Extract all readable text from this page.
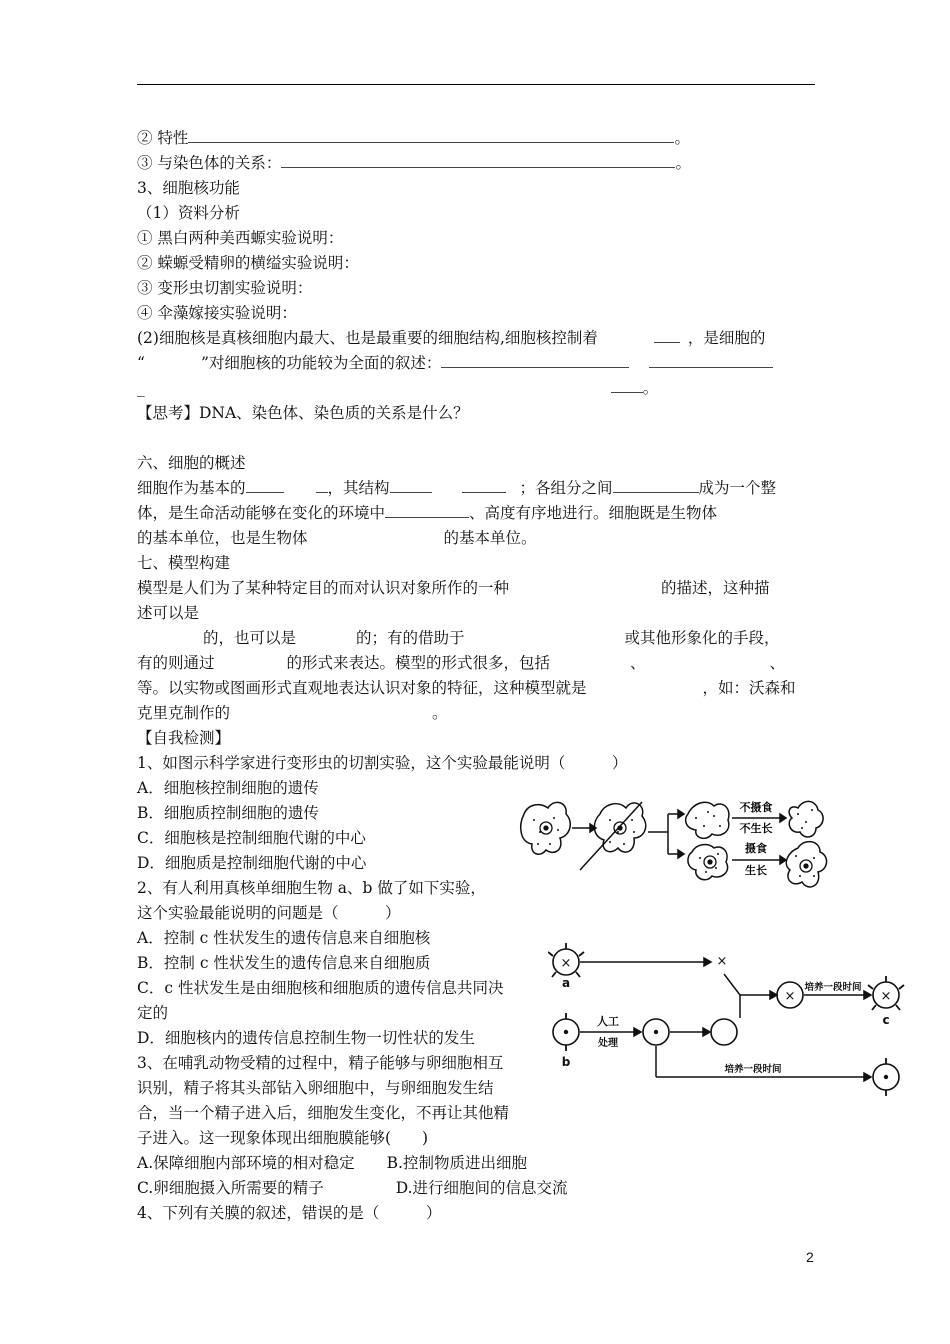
② 特性	。
③ 与染色体的关系：	。
3、细胞核功能
（1）资料分析
① 黑白两种美西螈实验说明：
② 蝾螈受精卵的横缢实验说明：
③ 变形虫切割实验说明：
④ 伞藻嫁接实验说明：
(2)细胞核是真核细胞内最大、也是最重要的细胞结构,细胞核控制着	，是细胞的
“	”对细胞核的功能较为全面的叙述：
_	。
【思考】DNA、染色体、染色质的关系是什么？
六、细胞的概述
细胞作为基本的	，其结构	；各组分之间	成为一个整
体，是生命活动能够在变化的环境中	、高度有序地进行。细胞既是生物体
的基本单位，也是生物体	的基本单位。
七、模型构建
模型是人们为了某种特定目的而对认识对象所作的一种	的描述，这种描
述可以是
的，也可以是	的；有的借助于	或其他形象化的手段，
有的则通过	的形式来表达。模型的形式很多，包括	、	、
等。以实物或图画形式直观地表达认识对象的特征，这种模型就是	，如：沃森和
克里克制作的	。
【自我检测】
1、如图示科学家进行变形虫的切割实验，这个实验最能说明（　　　）
A．细胞核控制细胞的遗传
B．细胞质控制细胞的遗传
C．细胞核是控制细胞代谢的中心
D．细胞质是控制细胞代谢的中心
2、有人利用真核单细胞生物 a、b 做了如下实验，
这个实验最能说明的问题是（　　　）
A．控制 c 性状发生的遗传信息来自细胞核
B．控制 c 性状发生的遗传信息来自细胞质
C．c 性状发生是由细胞核和细胞质的遗传信息共同决
定的
D．细胞核内的遗传信息控制生物一切性状的发生
3、在哺乳动物受精的过程中，精子能够与卵细胞相互
识别，精子将其头部钻入卵细胞中，与卵细胞发生结
合，当一个精子进入后，细胞发生变化，不再让其他精
子进入。这一现象体现出细胞膜能够(　　)
A.保障细胞内部环境的相对稳定 B.控制物质进出细胞
C.卵细胞摄入所需要的精子	D.进行细胞间的信息交流
4、下列有关膜的叙述，错误的是（　　　）
不摄食
不生长
摄食
生长
×
×	×
×
a
b
c
人工
处理
培养一段时间
培养一段时间
2
